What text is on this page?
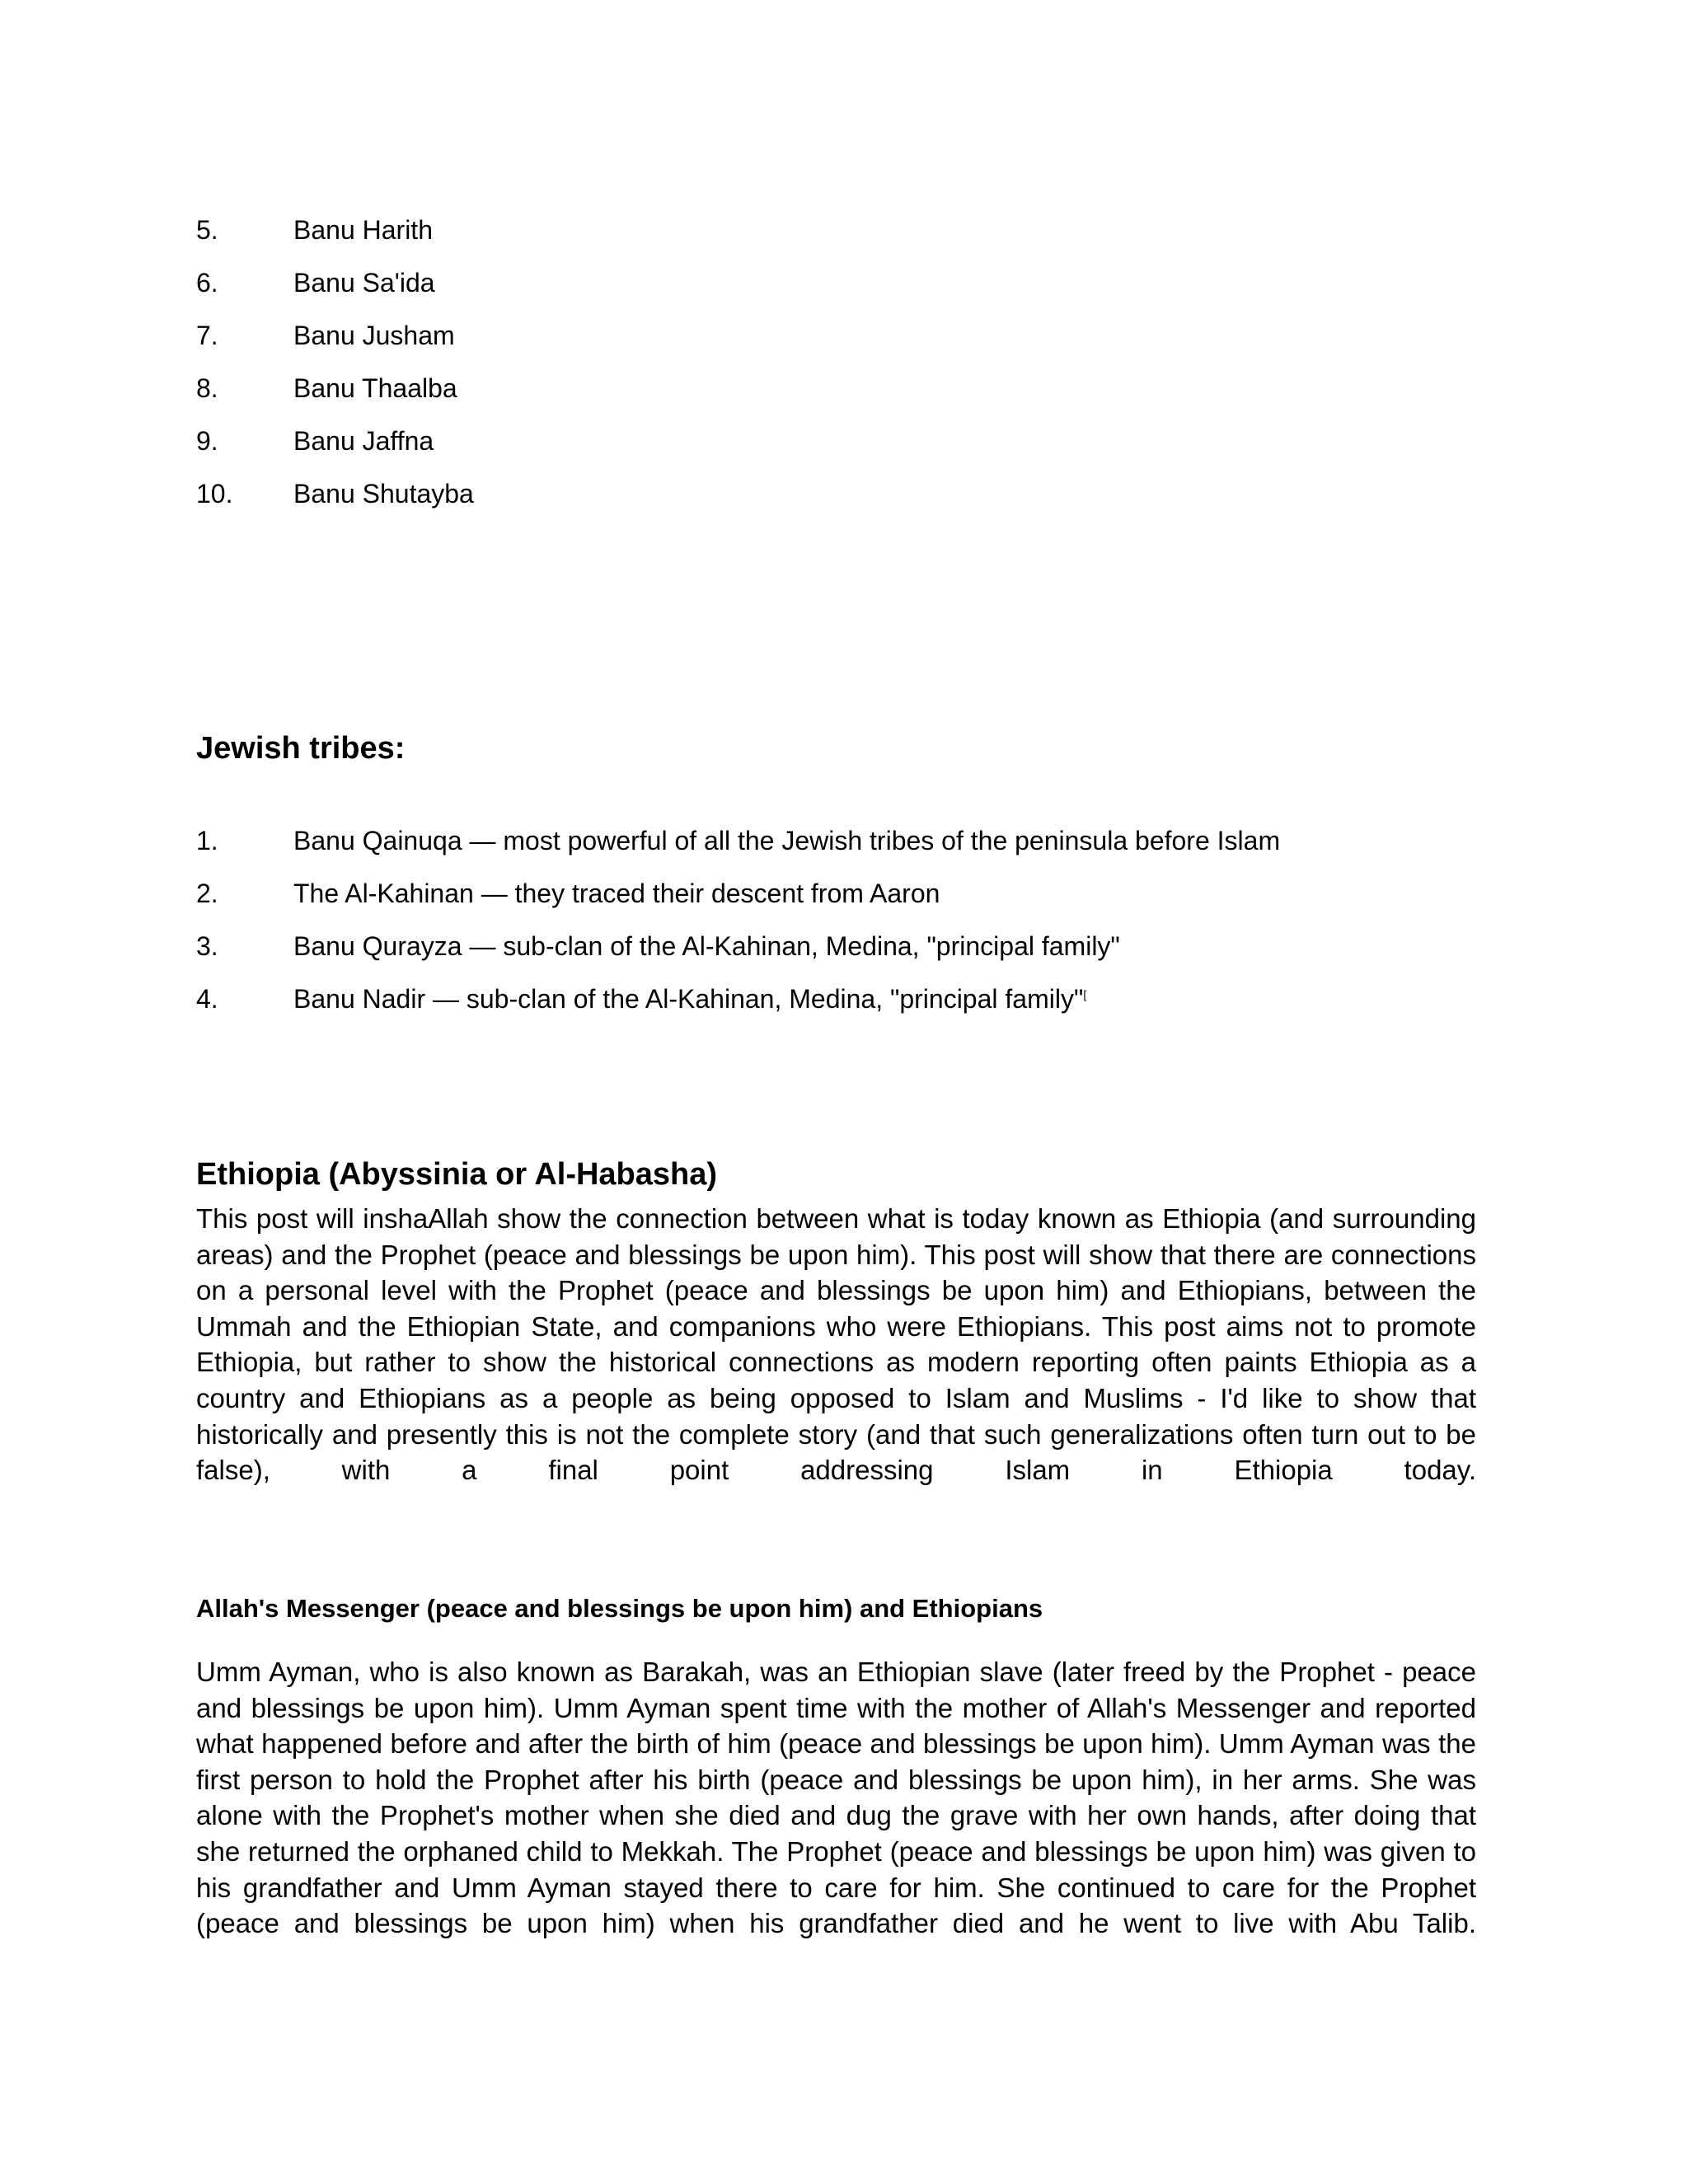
5.	Banu Harith
6.	Banu Sa'ida
7.	Banu Jusham
8.	Banu Thaalba
9.	Banu Jaffna
10.	Banu Shutayba
Jewish tribes:
1.	Banu Qainuqa — most powerful of all the Jewish tribes of the peninsula before Islam
2.	The Al-Kahinan — they traced their descent from Aaron
3.	Banu Qurayza — sub-clan of the Al-Kahinan, Medina, "principal family"
4.	Banu Nadir — sub-clan of the Al-Kahinan, Medina, "principal family"[
Ethiopia (Abyssinia or Al-Habasha)

This post will inshaAllah show the connection between what is today known as Ethiopia (and surrounding areas) and the Prophet (peace and blessings be upon him). This post will show that there are connections on a personal level with the Prophet (peace and blessings be upon him) and Ethiopians, between the Ummah and the Ethiopian State, and companions who were Ethiopians. This post aims not to promote Ethiopia, but rather to show the historical connections as modern reporting often paints Ethiopia as a country and Ethiopians as a people as being opposed to Islam and Muslims - I'd like to show that historically and presently this is not the complete story (and that such generalizations often turn out to be false), with a final point addressing Islam in Ethiopia today.

Allah's Messenger (peace and blessings be upon him) and Ethiopians

Umm Ayman, who is also known as Barakah, was an Ethiopian slave (later freed by the Prophet - peace and blessings be upon him). Umm Ayman spent time with the mother of Allah's Messenger and reported what happened before and after the birth of him (peace and blessings be upon him). Umm Ayman was the first person to hold the Prophet after his birth (peace and blessings be upon him), in her arms. She was alone with the Prophet's mother when she died and dug the grave with her own hands, after doing that she returned the orphaned child to Mekkah. The Prophet (peace and blessings be upon him) was given to his grandfather and Umm Ayman stayed there to care for him. She continued to care for the Prophet (peace and blessings be upon him) when his grandfather died and he went to live with Abu Talib.
